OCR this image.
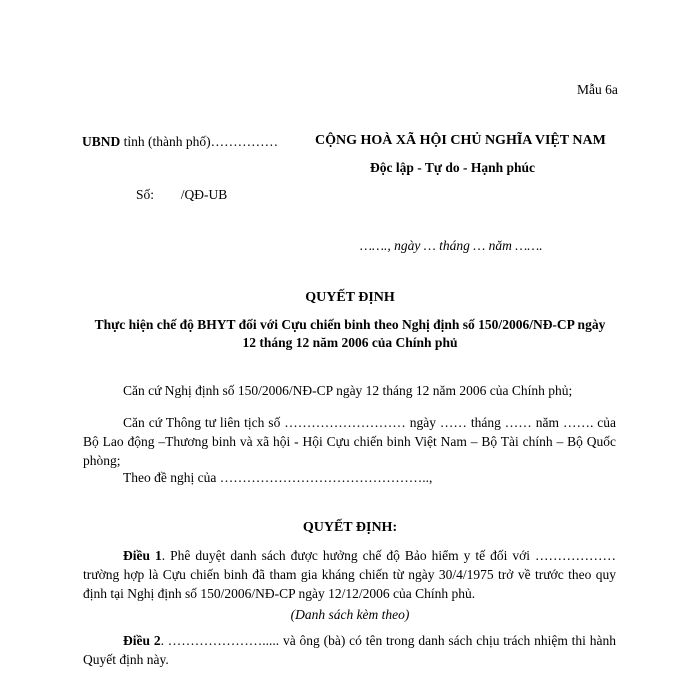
Mẫu 6a
UBND tỉnh (thành phố)……………	CỘNG HOÀ XÃ HỘI CHỦ NGHĨA VIỆT NAM
Độc lập - Tự do - Hạnh phúc
Số: /QĐ-UB
……., ngày … tháng … năm …….
QUYẾT ĐỊNH
Thực hiện chế độ BHYT đối với Cựu chiến binh theo Nghị định số 150/2006/NĐ-CP ngày
12 tháng 12 năm 2006 của Chính phủ
Căn cứ Nghị định số 150/2006/NĐ-CP ngày 12 tháng 12 năm 2006 của Chính phủ;
Căn cứ Thông tư liên tịch số ……………………… ngày …… tháng …… năm ……. của Bộ Lao động –Thương binh và xã hội - Hội Cựu chiến binh Việt Nam – Bộ Tài chính – Bộ Quốc phòng;
Theo đề nghị của ………………………………………..,
QUYẾT ĐỊNH:
Điều 1. Phê duyệt danh sách được hưởng chế độ Bảo hiểm y tế đối với ……………… trường hợp là Cựu chiến binh đã tham gia kháng chiến từ ngày 30/4/1975 trở về trước theo quy định tại Nghị định số 150/2006/NĐ-CP ngày 12/12/2006 của Chính phủ.
(Danh sách kèm theo)
Điều 2. …………………..... và ông (bà) có tên trong danh sách chịu trách nhiệm thi hành Quyết định này.
